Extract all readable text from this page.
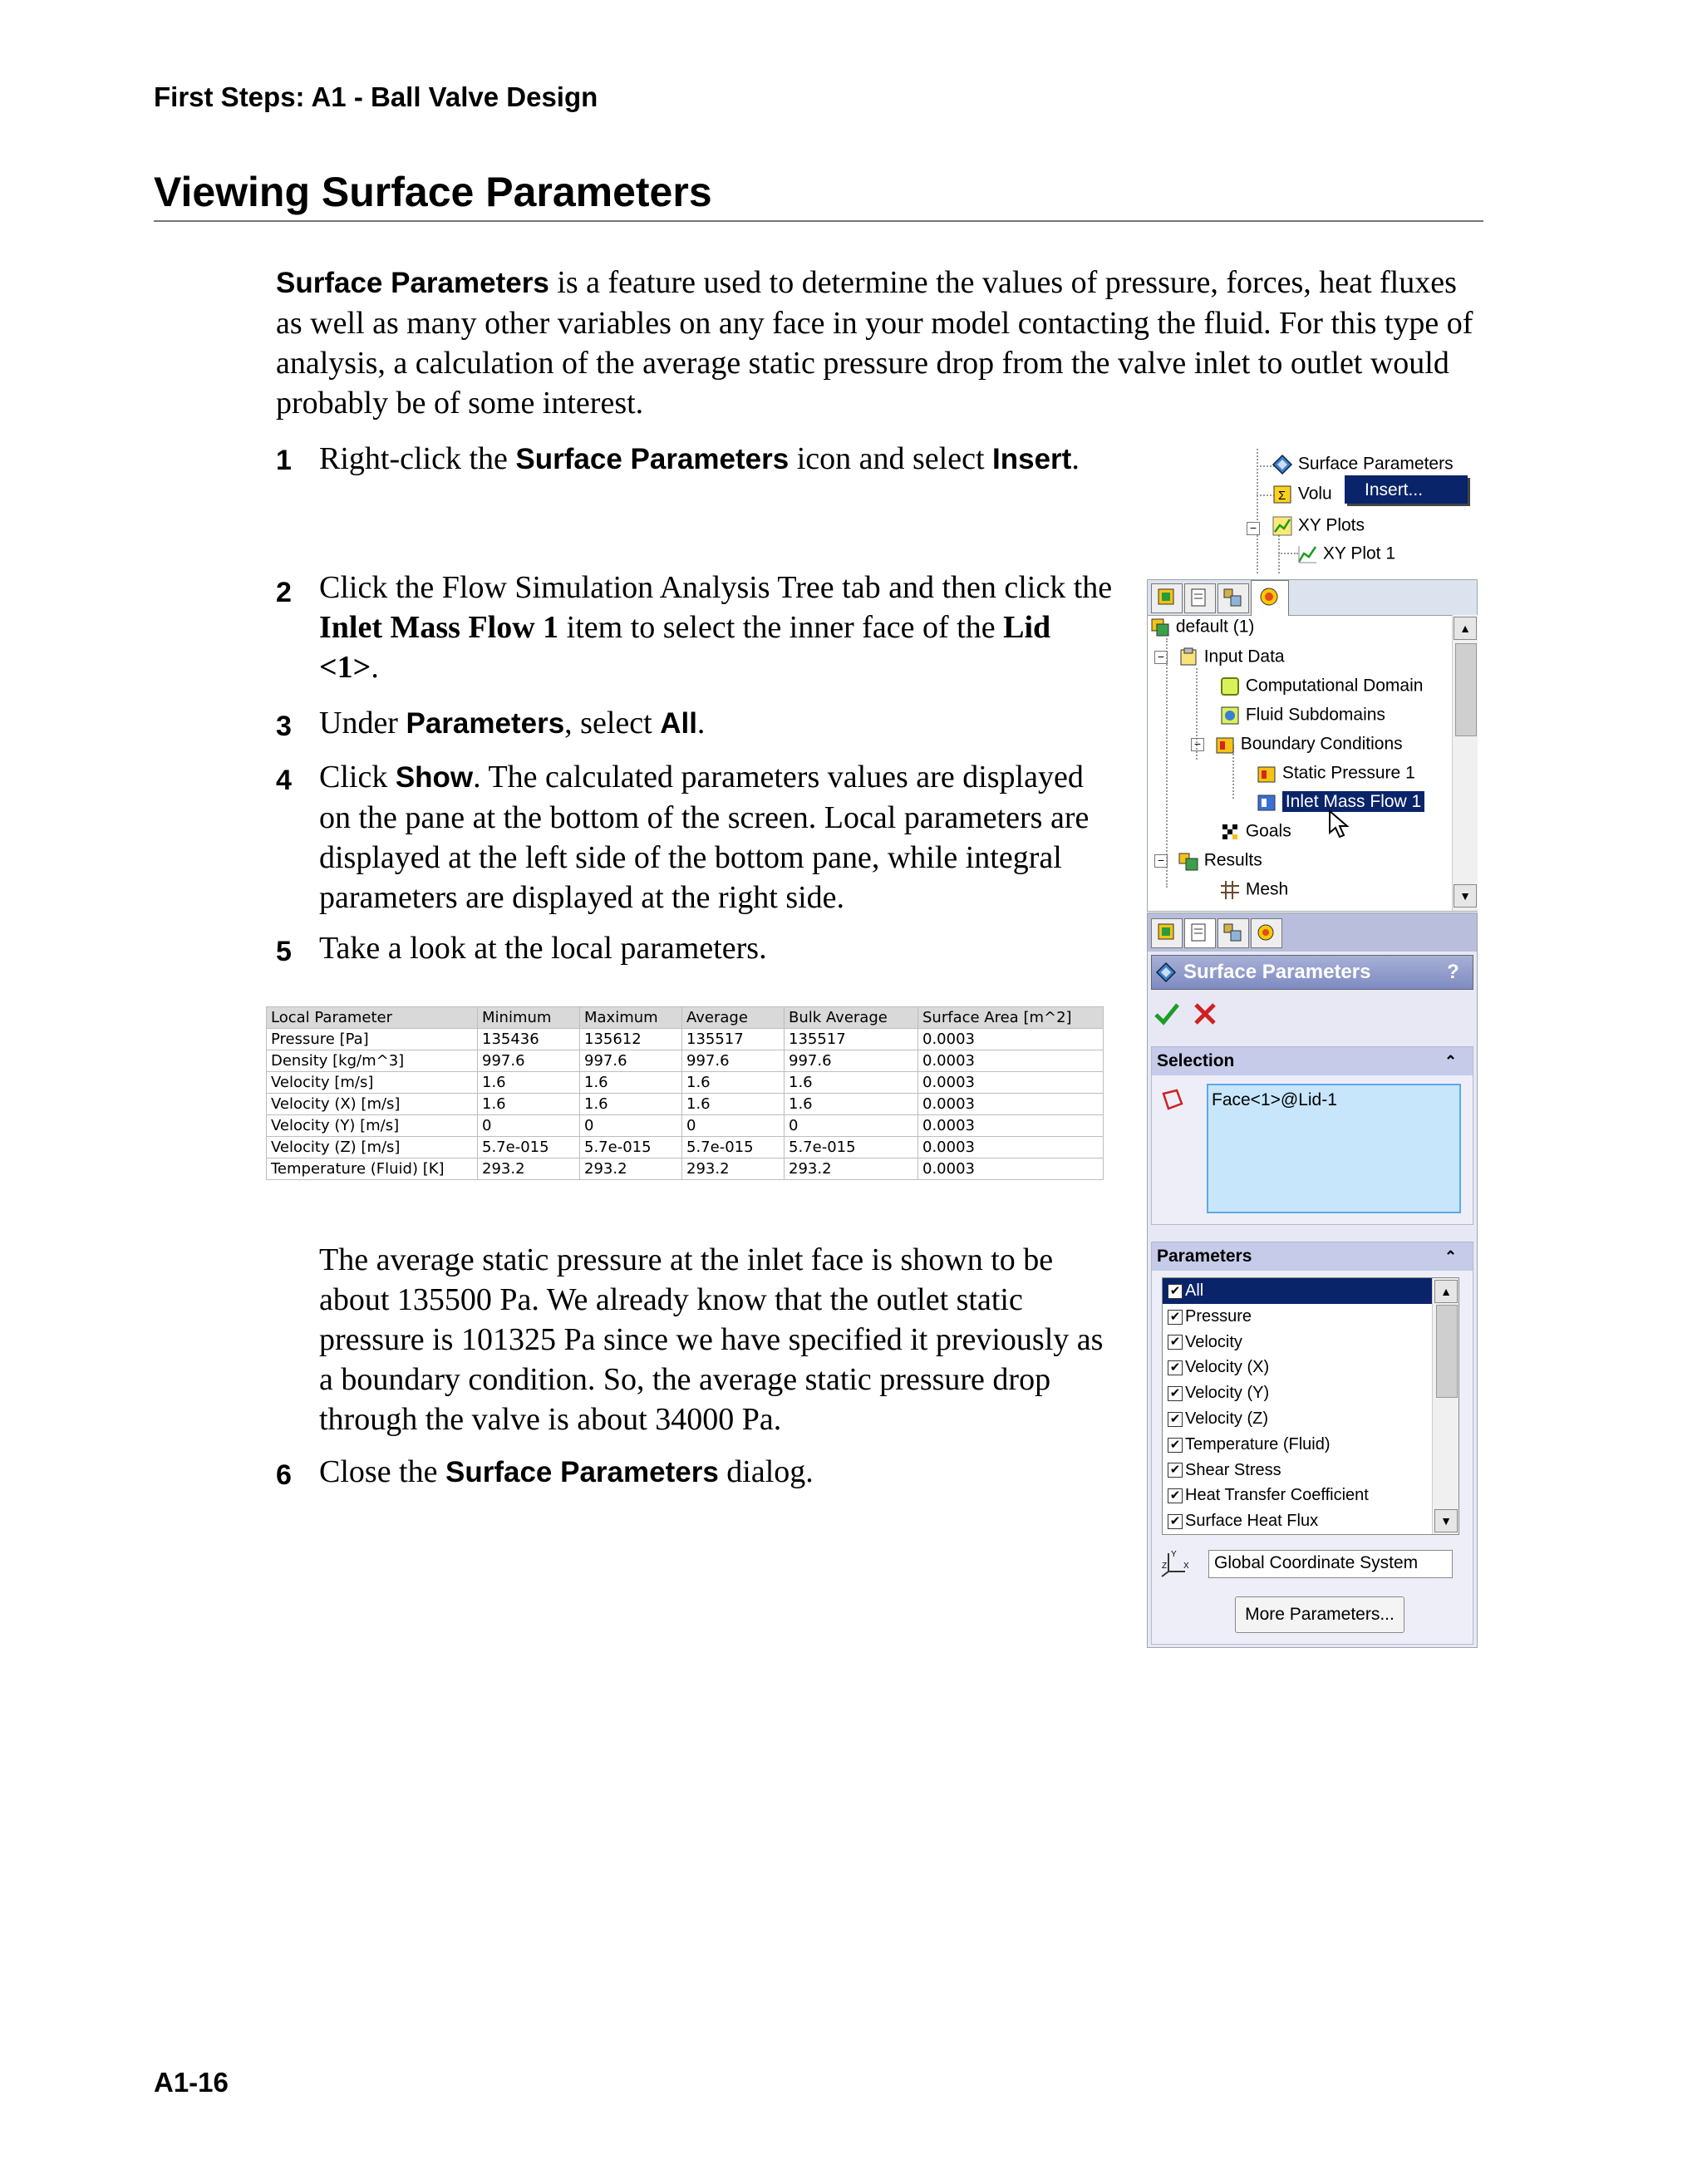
First Steps: A1 - Ball Valve Design
Viewing Surface Parameters
Surface Parameters is a feature used to determine the values of pressure, forces, heat fluxes as well as many other variables on any face in your model contacting the fluid. For this type of analysis, a calculation of the average static pressure drop from the valve inlet to outlet would probably be of some interest.
1 Right-click the Surface Parameters icon and select Insert.
2 Click the Flow Simulation Analysis Tree tab and then click the Inlet Mass Flow 1 item to select the inner face of the Lid <1>.
3 Under Parameters, select All.
4 Click Show. The calculated parameters values are displayed on the pane at the bottom of the screen. Local parameters are displayed at the left side of the bottom pane, while integral parameters are displayed at the right side.
5 Take a look at the local parameters.
Local Parameter	Minimum	Maximum	Average	Bulk Average	Surface Area [m^2]
Pressure [Pa]	135436	135612	135517	135517	0.0003
Density [kg/m^3]	997.6	997.6	997.6	997.6	0.0003
Velocity [m/s]	1.6	1.6	1.6	1.6	0.0003
Velocity (X) [m/s]	1.6	1.6	1.6	1.6	0.0003
Velocity (Y) [m/s]	0	0	0	0	0.0003
Velocity (Z) [m/s]	5.7e-015	5.7e-015	5.7e-015	5.7e-015	0.0003
Temperature (Fluid) [K]	293.2	293.2	293.2	293.2	0.0003
The average static pressure at the inlet face is shown to be about 135500 Pa. We already know that the outlet static pressure is 101325 Pa since we have specified it previously as a boundary condition. So, the average static pressure drop through the valve is about 34000 Pa.
6 Close the Surface Parameters dialog.
A1-16
Surface Parameters
Σ Volu	Insert...
− XY Plots
XY Plot 1
default (1)
− Input Data
Computational Domain
Fluid Subdomains
− Boundary Conditions
Static Pressure 1
Inlet Mass Flow 1
Goals
− Results
Mesh
▲
▼
Surface Parameters	?
Selection	⌃
Face<1>@Lid-1
Parameters	⌃
✔ All
✔ Pressure
✔ Velocity
✔ Velocity (X)
✔ Velocity (Y)
✔ Velocity (Z)
✔ Temperature (Fluid)
✔ Shear Stress
✔ Heat Transfer Coefficient
✔ Surface Heat Flux
▲
▼
Y
X
Z	Global Coordinate System
More Parameters...
